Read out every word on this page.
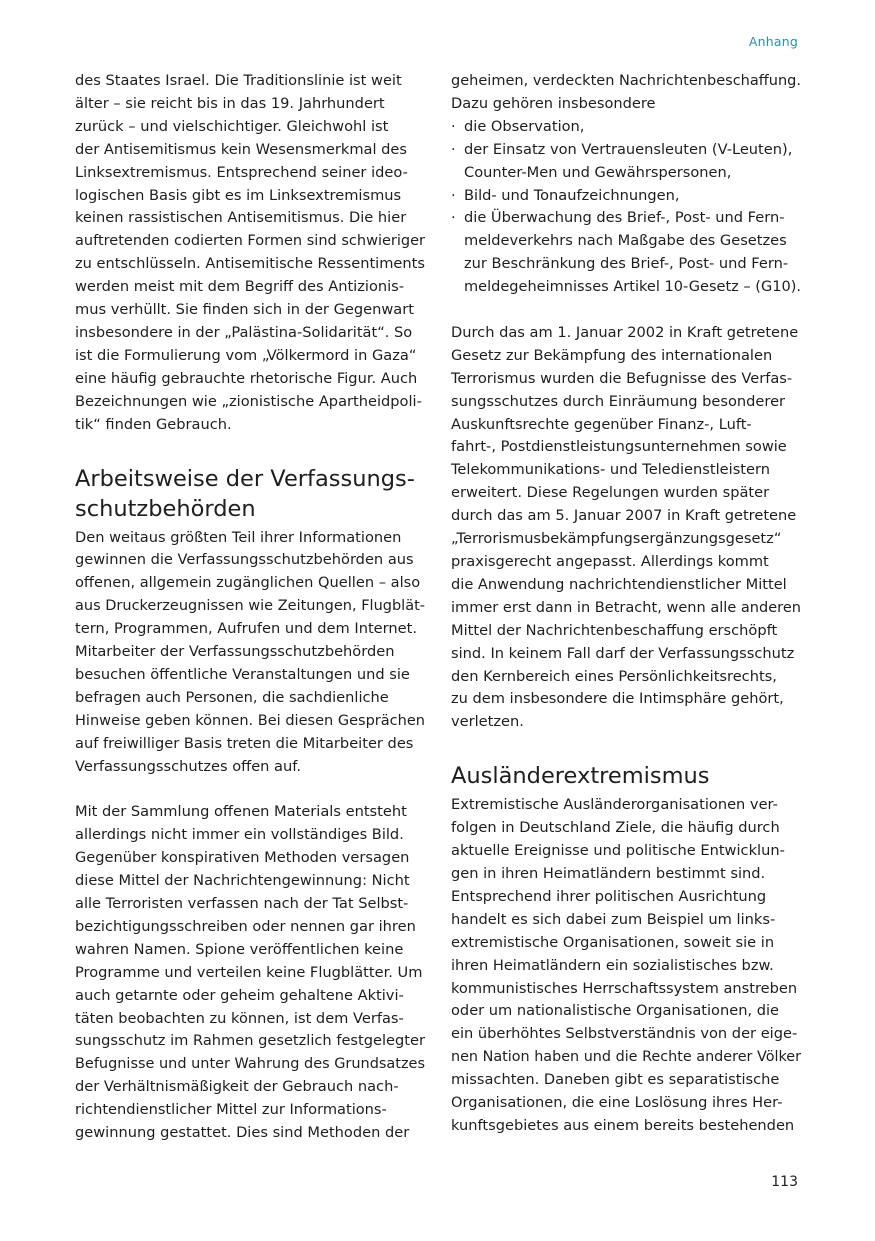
Anhang
des Staates Israel. Die Traditionslinie ist weit
älter – sie reicht bis in das 19. Jahrhundert
zurück – und vielschichtiger. Gleichwohl ist
der Antisemitismus kein Wesensmerkmal des
Linksextremismus. Entsprechend seiner ideo-
logischen Basis gibt es im Linksextremismus
keinen rassistischen Antisemitismus. Die hier
auftretenden codierten Formen sind schwieriger
zu entschlüsseln. Antisemitische Ressentiments
werden meist mit dem Begriff des Antizionis-
mus verhüllt. Sie finden sich in der Gegenwart
insbesondere in der „Palästina-Solidarität“. So
ist die Formulierung vom „Völkermord in Gaza“
eine häufig gebrauchte rhetorische Figur. Auch
Bezeichnungen wie „zionistische Apartheidpoli-
tik“ finden Gebrauch.
Arbeitsweise der Verfassungs-
schutzbehörden
Den weitaus größten Teil ihrer Informationen
gewinnen die Verfassungsschutzbehörden aus
offenen, allgemein zugänglichen Quellen – also
aus Druckerzeugnissen wie Zeitungen, Flugblät-
tern, Programmen, Aufrufen und dem Internet.
Mitarbeiter der Verfassungsschutzbehörden
besuchen öffentliche Veranstaltungen und sie
befragen auch Personen, die sachdienliche
Hinweise geben können. Bei diesen Gesprächen
auf freiwilliger Basis treten die Mitarbeiter des
Verfassungsschutzes offen auf.
Mit der Sammlung offenen Materials entsteht
allerdings nicht immer ein vollständiges Bild.
Gegenüber konspirativen Methoden versagen
diese Mittel der Nachrichtengewinnung: Nicht
alle Terroristen verfassen nach der Tat Selbst-
bezichtigungsschreiben oder nennen gar ihren
wahren Namen. Spione veröffentlichen keine
Programme und verteilen keine Flugblätter. Um
auch getarnte oder geheim gehaltene Aktivi-
täten beobachten zu können, ist dem Verfas-
sungsschutz im Rahmen gesetzlich festgelegter
Befugnisse und unter Wahrung des Grundsatzes
der Verhältnismäßigkeit der Gebrauch nach-
richtendienstlicher Mittel zur Informations-
gewinnung gestattet. Dies sind Methoden der
geheimen, verdeckten Nachrichtenbeschaffung.
Dazu gehören insbesondere
· die Observation,
· der Einsatz von Vertrauensleuten (V-Leuten),
Counter-Men und Gewährspersonen,
· Bild- und Tonaufzeichnungen,
· die Überwachung des Brief-, Post- und Fern-
meldeverkehrs nach Maßgabe des Gesetzes
zur Beschränkung des Brief-, Post- und Fern-
meldegeheimnisses Artikel 10-Gesetz – (G10).
Durch das am 1. Januar 2002 in Kraft getretene
Gesetz zur Bekämpfung des internationalen
Terrorismus wurden die Befugnisse des Verfas-
sungsschutzes durch Einräumung besonderer
Auskunftsrechte gegenüber Finanz-, Luft-
fahrt-, Postdienstleistungsunternehmen sowie
Telekommunikations- und Teledienstleistern
erweitert. Diese Regelungen wurden später
durch das am 5. Januar 2007 in Kraft getretene
„Terrorismusbekämpfungsergänzungsgesetz“
praxisgerecht angepasst. Allerdings kommt
die Anwendung nachrichtendienstlicher Mittel
immer erst dann in Betracht, wenn alle anderen
Mittel der Nachrichtenbeschaffung erschöpft
sind. In keinem Fall darf der Verfassungsschutz
den Kernbereich eines Persönlichkeitsrechts,
zu dem insbesondere die Intimsphäre gehört,
verletzen.
Ausländerextremismus
Extremistische Ausländerorganisationen ver-
folgen in Deutschland Ziele, die häufig durch
aktuelle Ereignisse und politische Entwicklun-
gen in ihren Heimatländern bestimmt sind.
Entsprechend ihrer politischen Ausrichtung
handelt es sich dabei zum Beispiel um links-
extremistische Organisationen, soweit sie in
ihren Heimatländern ein sozialistisches bzw.
kommunistisches Herrschaftssystem anstreben
oder um nationalistische Organisationen, die
ein überhöhtes Selbstverständnis von der eige-
nen Nation haben und die Rechte anderer Völker
missachten. Daneben gibt es separatistische
Organisationen, die eine Loslösung ihres Her-
kunftsgebietes aus einem bereits bestehenden
113
